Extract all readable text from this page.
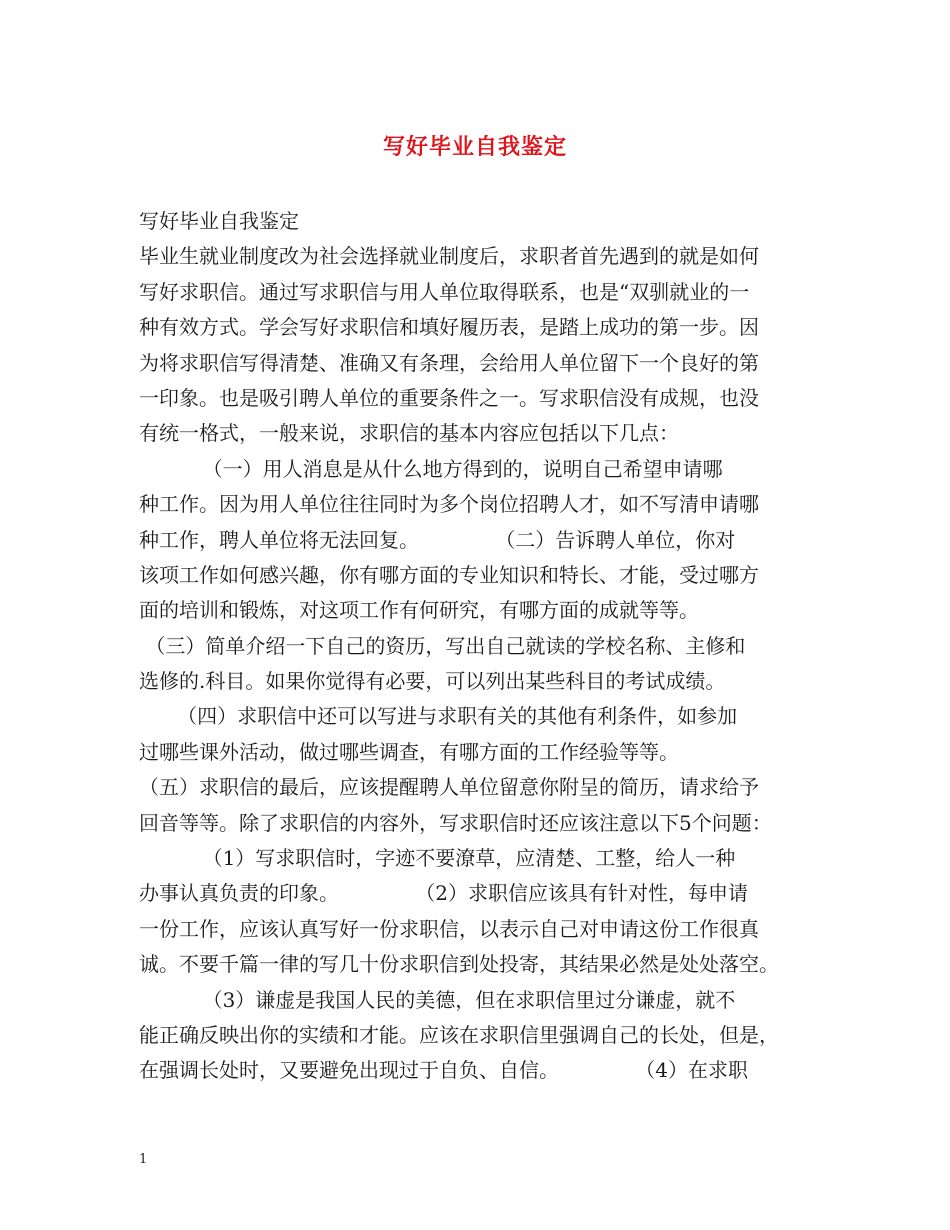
写好毕业自我鉴定
写好毕业自我鉴定
毕业生就业制度改为社会选择就业制度后，求职者首先遇到的就是如何
写好求职信。通过写求职信与用人单位取得联系，也是“双驯就业的一
种有效方式。学会写好求职信和填好履历表，是踏上成功的第一步。因
为将求职信写得清楚、准确又有条理，会给用人单位留下一个良好的第
一印象。也是吸引聘人单位的重要条件之一。写求职信没有成规，也没
有统一格式，一般来说，求职信的基本内容应包括以下几点：
（一）用人消息是从什么地方得到的，说明自己希望申请哪
种工作。因为用人单位往往同时为多个岗位招聘人才，如不写清申请哪
种工作，聘人单位将无法回复。            （二）告诉聘人单位，你对
该项工作如何感兴趣，你有哪方面的专业知识和特长、才能，受过哪方
面的培训和锻炼，对这项工作有何研究，有哪方面的成就等等。
（三）简单介绍一下自己的资历，写出自己就读的学校名称、主修和
选修的.科目。如果你觉得有必要，可以列出某些科目的考试成绩。
（四）求职信中还可以写进与求职有关的其他有利条件，如参加
过哪些课外活动，做过哪些调查，有哪方面的工作经验等等。
（五）求职信的最后，应该提醒聘人单位留意你附呈的简历，请求给予
回音等等。除了求职信的内容外，写求职信时还应该注意以下5个问题：
（1）写求职信时，字迹不要潦草，应清楚、工整，给人一种
办事认真负责的印象。            （2）求职信应该具有针对性，每申请
一份工作，应该认真写好一份求职信，以表示自己对申请这份工作很真
诚。不要千篇一律的写几十份求职信到处投寄，其结果必然是处处落空。
（3）谦虚是我国人民的美德，但在求职信里过分谦虚，就不
能正确反映出你的实绩和才能。应该在求职信里强调自己的长处，但是，
在强调长处时，又要避免出现过于自负、自信。            （4）在求职
1
